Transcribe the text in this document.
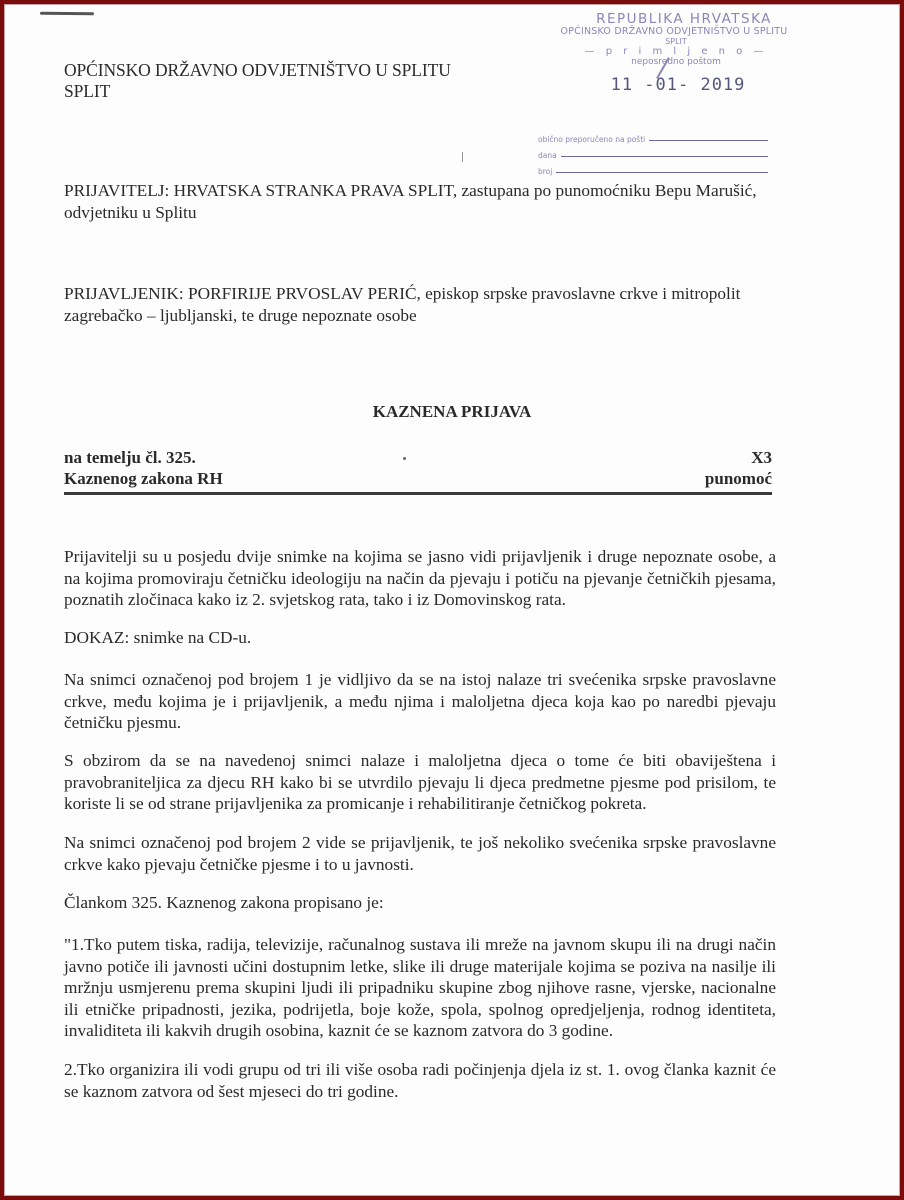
OPĆINSKO DRŽAVNO ODVJETNIŠTVO U SPLITU
SPLIT
REPUBLIKA HRVATSKA
OPĆINSKO DRŽAVNO ODVJETNIŠTVO U SPLITU
SPLIT
— p r i m l j e n o —
neposredno poštom
11 -01- 2019
obično preporučeno na pošti
dana
broj
PRIJAVITELJ: HRVATSKA STRANKA PRAVA SPLIT, zastupana po punomoćniku Bepu Marušić, odvjetniku u Splitu
PRIJAVLJENIK: PORFIRIJE PRVOSLAV PERIĆ, episkop srpske pravoslavne crkve i mitropolit zagrebačko – ljubljanski, te druge nepoznate osobe
KAZNENA PRIJAVA
na temelju čl. 325.	X3
Kaznenog zakona RH	punomoć
Prijavitelji su u posjedu dvije snimke na kojima se jasno vidi prijavljenik i druge nepoznate osobe, a na kojima promoviraju četničku ideologiju na način da pjevaju i potiču na pjevanje četničkih pjesama, poznatih zločinaca kako iz 2. svjetskog rata, tako i iz Domovinskog rata.
DOKAZ: snimke na CD-u.
Na snimci označenoj pod brojem 1 je vidljivo da se na istoj nalaze tri svećenika srpske pravoslavne crkve, među kojima je i prijavljenik, a među njima i maloljetna djeca koja kao po naredbi pjevaju četničku pjesmu.
S obzirom da se na navedenoj snimci nalaze i maloljetna djeca o tome će biti obaviještena i pravobraniteljica za djecu RH kako bi se utvrdilo pjevaju li djeca predmetne pjesme pod prisilom, te koriste li se od strane prijavljenika za promicanje i rehabilitiranje četničkog pokreta.
Na snimci označenoj pod brojem 2 vide se prijavljenik, te još nekoliko svećenika srpske pravoslavne crkve kako pjevaju četničke pjesme i to u javnosti.
Člankom 325. Kaznenog zakona propisano je:
"1.Tko putem tiska, radija, televizije, računalnog sustava ili mreže na javnom skupu ili na drugi način javno potiče ili javnosti učini dostupnim letke, slike ili druge materijale kojima se poziva na nasilje ili mržnju usmjerenu prema skupini ljudi ili pripadniku skupine zbog njihove rasne, vjerske, nacionalne ili etničke pripadnosti, jezika, podrijetla, boje kože, spola, spolnog opredjeljenja, rodnog identiteta, invaliditeta ili kakvih drugih osobina, kaznit će se kaznom zatvora do 3 godine.
2.Tko organizira ili vodi grupu od tri ili više osoba radi počinjenja djela iz st. 1. ovog članka kaznit će se kaznom zatvora od šest mjeseci do tri godine.
